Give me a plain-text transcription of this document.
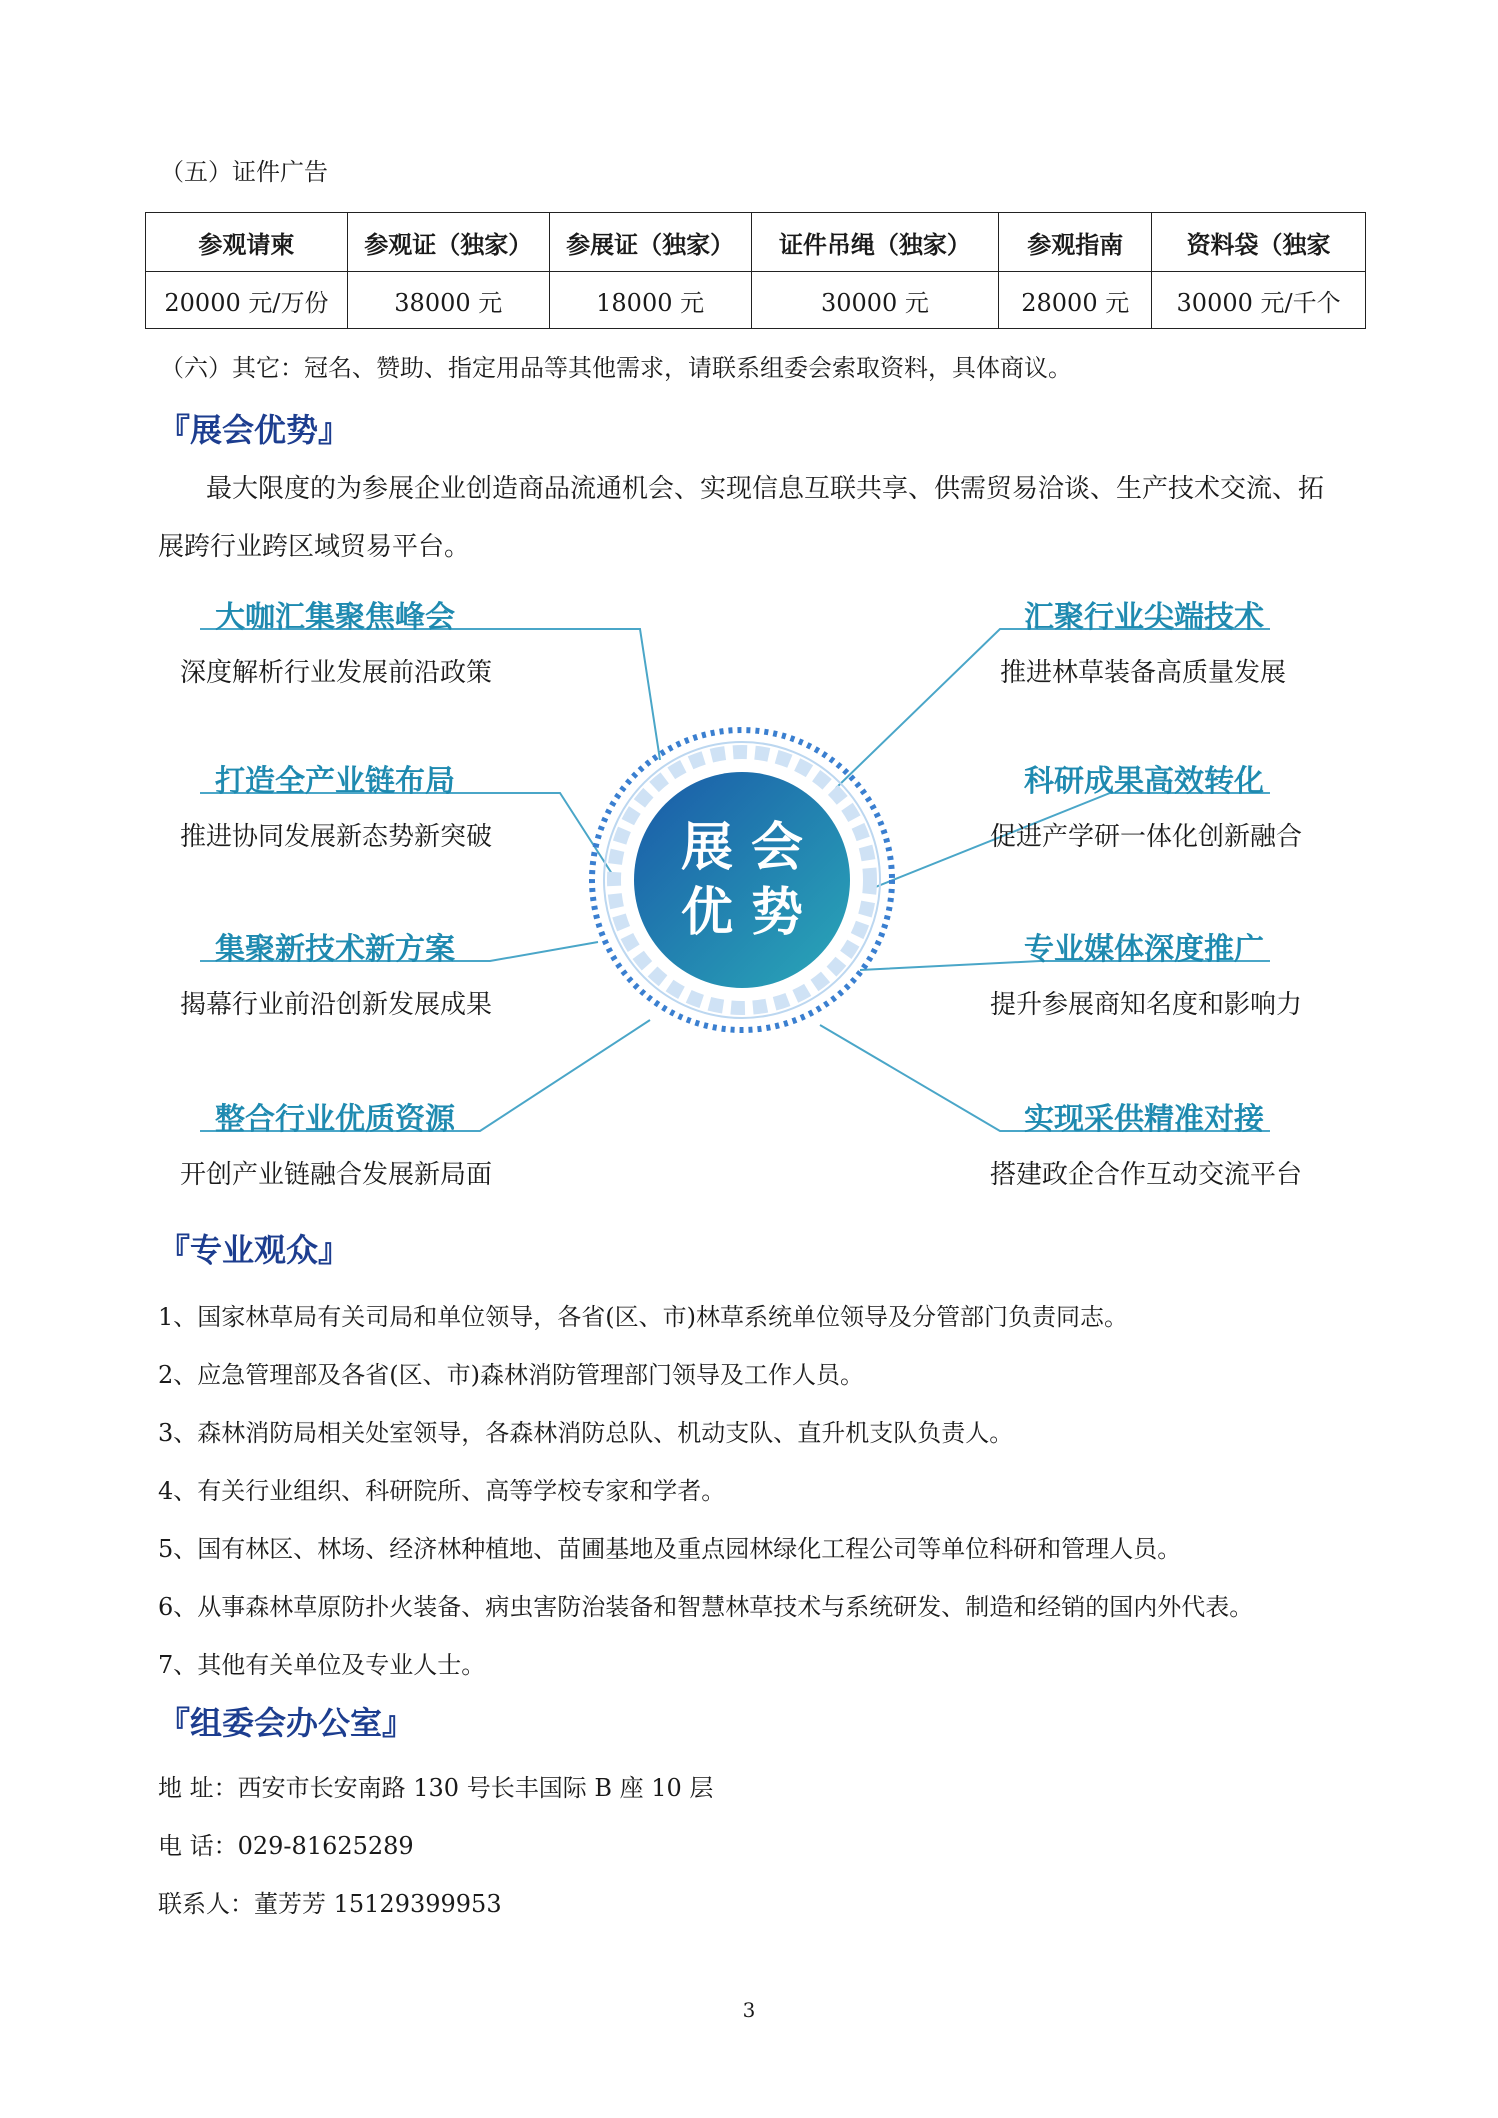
（五）证件广告
参观请柬	参观证（独家）	参展证（独家）	证件吊绳（独家）	参观指南	资料袋（独家
20000 元/万份	38000 元	18000 元	30000 元	28000 元	30000 元/千个
（六）其它：冠名、赞助、指定用品等其他需求，请联系组委会索取资料，具体商议。
『展会优势』
最大限度的为参展企业创造商品流通机会、实现信息互联共享、供需贸易洽谈、生产技术交流、拓
展跨行业跨区域贸易平台。
展 会
优 势
大咖汇集聚焦峰会
深度解析行业发展前沿政策
打造全产业链布局
推进协同发展新态势新突破
集聚新技术新方案
揭幕行业前沿创新发展成果
整合行业优质资源
开创产业链融合发展新局面
汇聚行业尖端技术
推进林草装备高质量发展
科研成果高效转化
促进产学研一体化创新融合
专业媒体深度推广
提升参展商知名度和影响力
实现采供精准对接
搭建政企合作互动交流平台
『专业观众』
1、国家林草局有关司局和单位领导，各省(区、市)林草系统单位领导及分管部门负责同志。
2、应急管理部及各省(区、市)森林消防管理部门领导及工作人员。
3、森林消防局相关处室领导，各森林消防总队、机动支队、直升机支队负责人。
4、有关行业组织、科研院所、高等学校专家和学者。
5、国有林区、林场、经济林种植地、苗圃基地及重点园林绿化工程公司等单位科研和管理人员。
6、从事森林草原防扑火装备、病虫害防治装备和智慧林草技术与系统研发、制造和经销的国内外代表。
7、其他有关单位及专业人士。
『组委会办公室』
地 址：西安市长安南路 130 号长丰国际 B 座 10 层
电 话：029-81625289
联系人：董芳芳 15129399953
3
